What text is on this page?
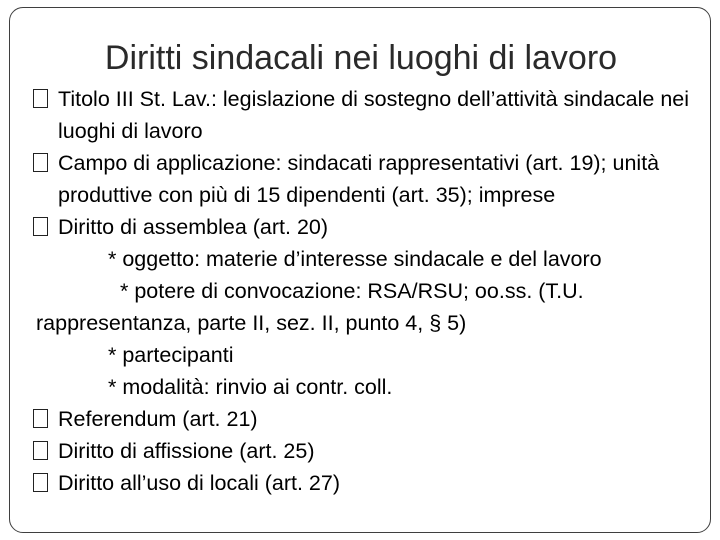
Diritti sindacali nei luoghi di lavoro
Titolo III St. Lav.: legislazione di sostegno dell’attività sindacale nei luoghi di lavoro
Campo di applicazione: sindacati rappresentativi (art. 19); unità produttive con più di 15 dipendenti (art. 35); imprese
Diritto di assemblea (art. 20)
* oggetto: materie d’interesse sindacale e del lavoro
* potere di convocazione: RSA/RSU; oo.ss. (T.U. rappresentanza, parte II, sez. II, punto 4, § 5)
* partecipanti
* modalità: rinvio ai contr. coll.
Referendum (art. 21)
Diritto di affissione (art. 25)
Diritto all’uso di locali (art. 27)
